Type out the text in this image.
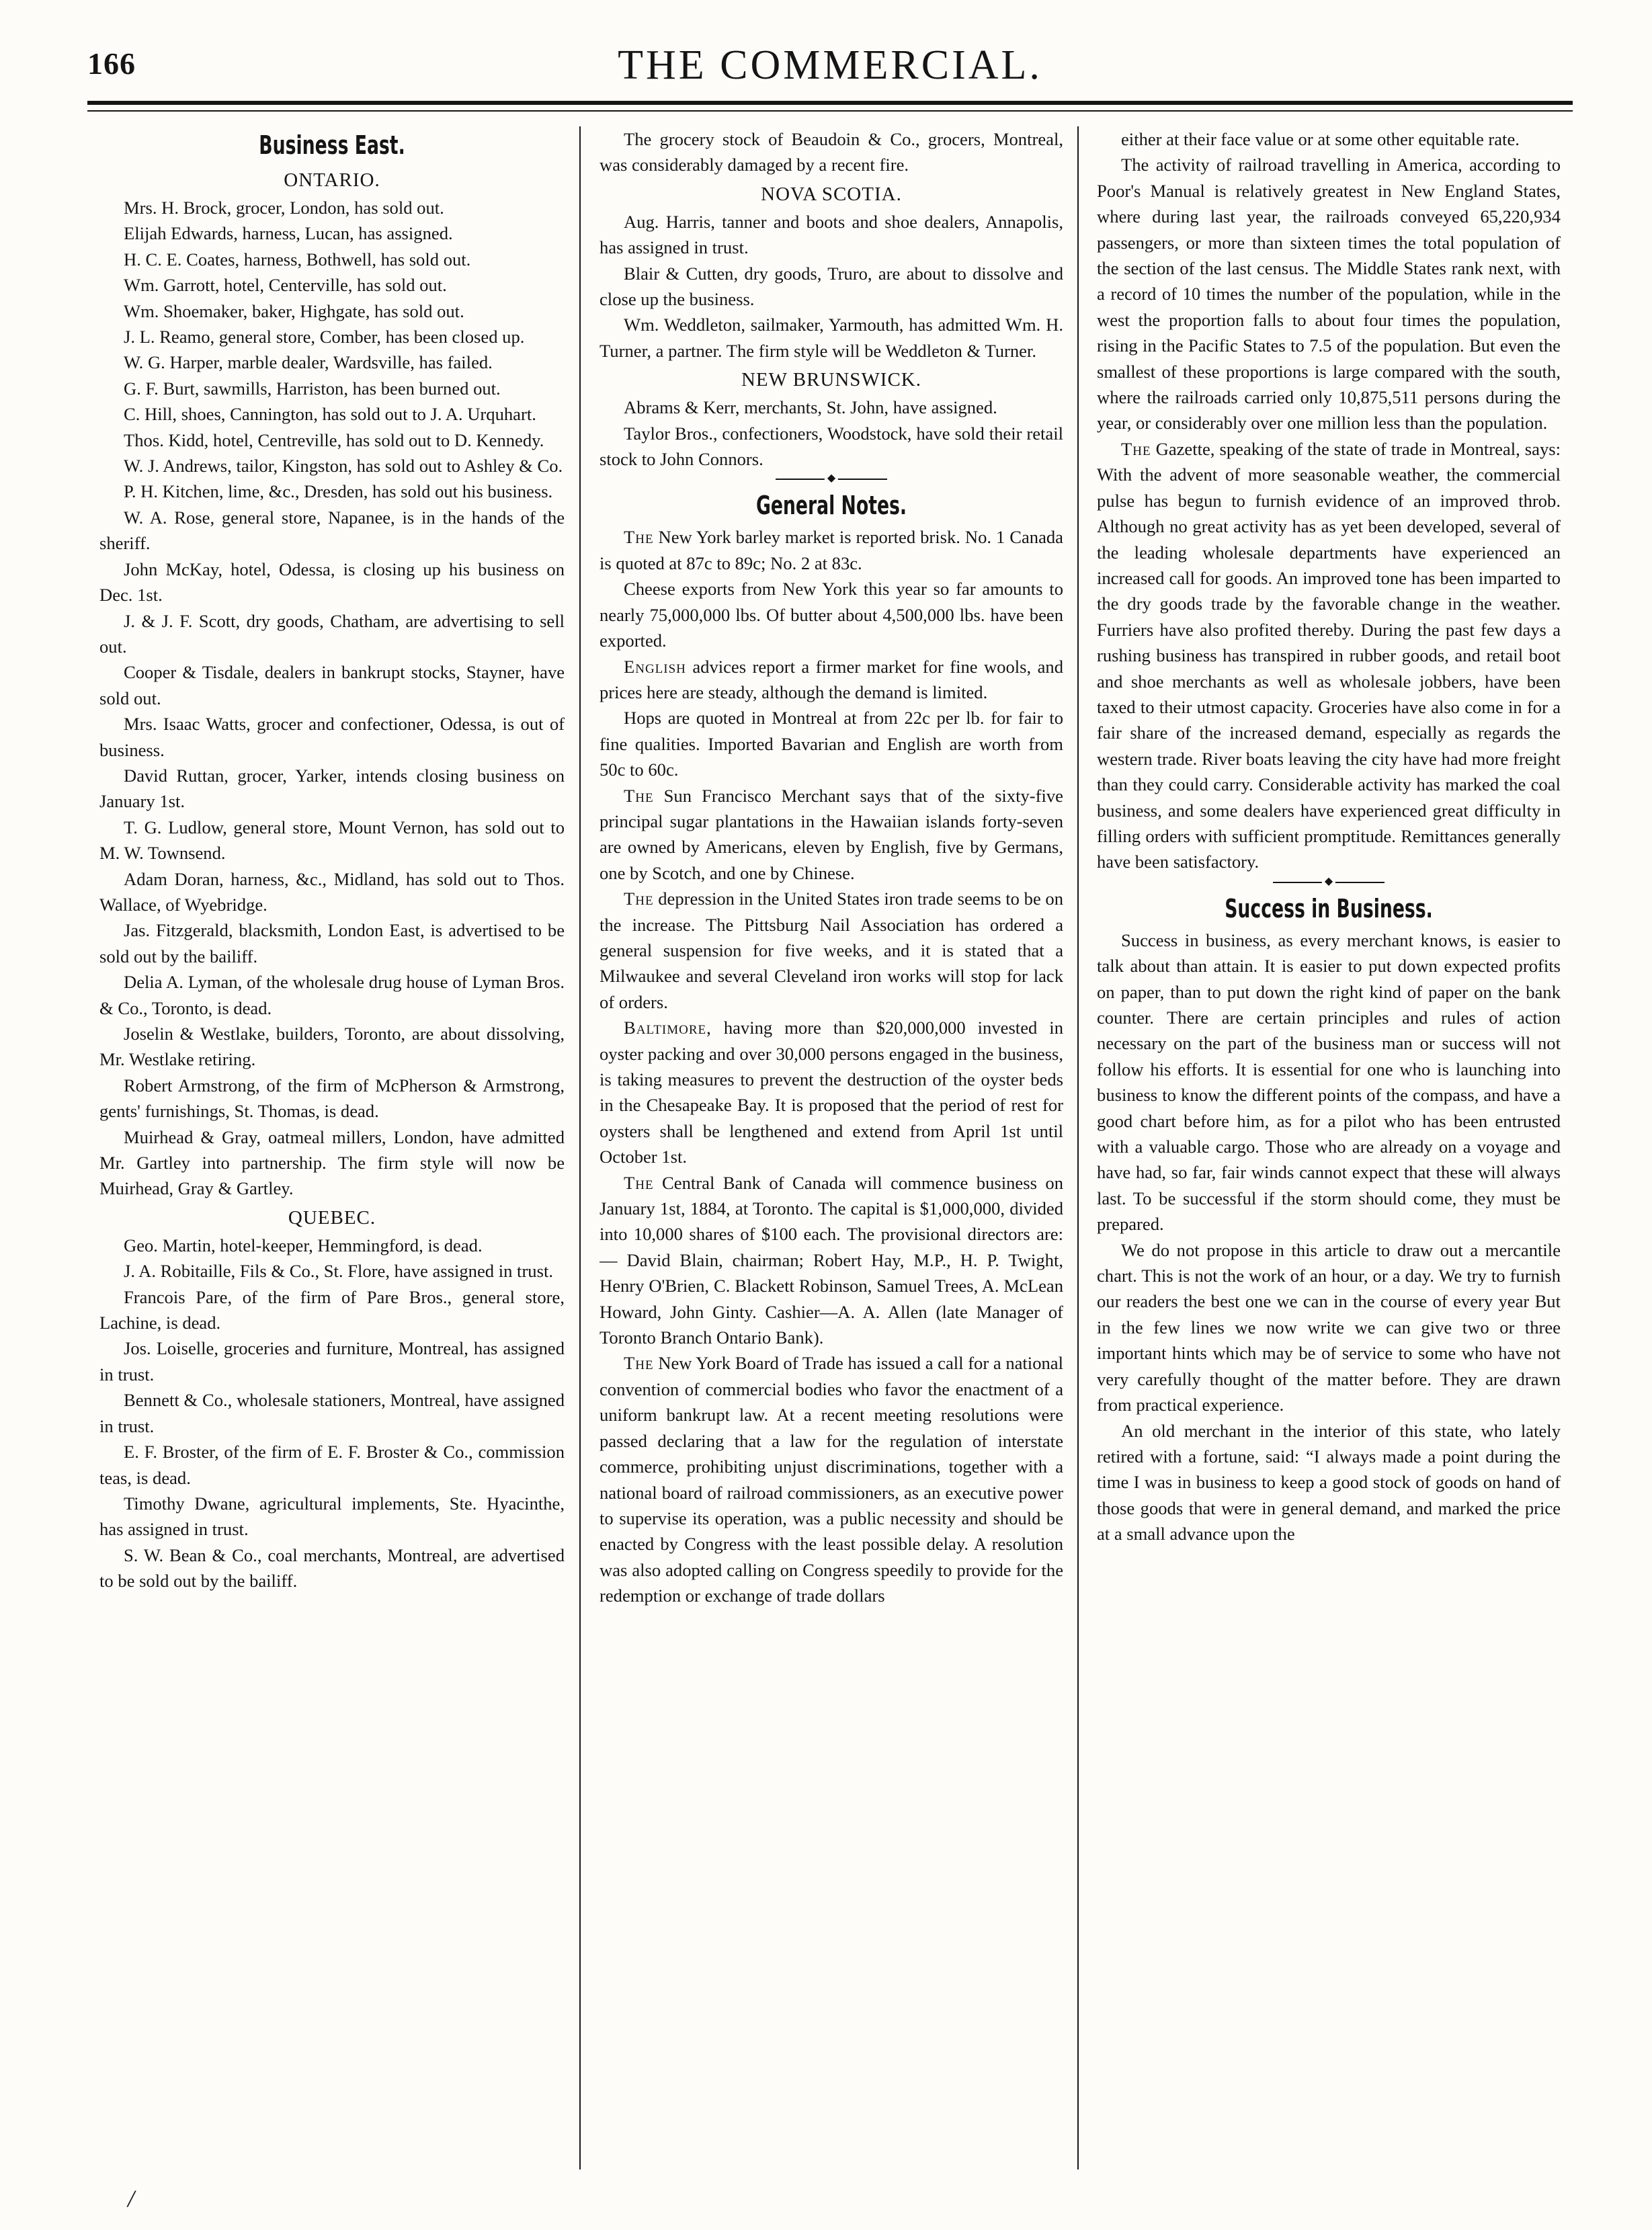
166	THE COMMERCIAL.
Business East.
ONTARIO.

Mrs. H. Brock, grocer, London, has sold out.

Elijah Edwards, harness, Lucan, has assigned.

H. C. E. Coates, harness, Bothwell, has sold out.

Wm. Garrott, hotel, Centerville, has sold out.

Wm. Shoemaker, baker, Highgate, has sold out.

J. L. Reamo, general store, Comber, has been closed up.

W. G. Harper, marble dealer, Wardsville, has failed.

G. F. Burt, sawmills, Harriston, has been burned out.

C. Hill, shoes, Cannington, has sold out to J. A. Urquhart.

Thos. Kidd, hotel, Centreville, has sold out to D. Kennedy.

W. J. Andrews, tailor, Kingston, has sold out to Ashley & Co.

P. H. Kitchen, lime, &c., Dresden, has sold out his business.

W. A. Rose, general store, Napanee, is in the hands of the sheriff.

John McKay, hotel, Odessa, is closing up his business on Dec. 1st.

J. & J. F. Scott, dry goods, Chatham, are advertising to sell out.

Cooper & Tisdale, dealers in bankrupt stocks, Stayner, have sold out.

Mrs. Isaac Watts, grocer and confectioner, Odessa, is out of business.

David Ruttan, grocer, Yarker, intends closing business on January 1st.

T. G. Ludlow, general store, Mount Vernon, has sold out to M. W. Townsend.

Adam Doran, harness, &c., Midland, has sold out to Thos. Wallace, of Wyebridge.

Jas. Fitzgerald, blacksmith, London East, is advertised to be sold out by the bailiff.

Delia A. Lyman, of the wholesale drug house of Lyman Bros. & Co., Toronto, is dead.

Joselin & Westlake, builders, Toronto, are about dissolving, Mr. Westlake retiring.

Robert Armstrong, of the firm of McPherson & Armstrong, gents' furnishings, St. Thomas, is dead.

Muirhead & Gray, oatmeal millers, London, have admitted Mr. Gartley into partnership. The firm style will now be Muirhead, Gray & Gartley.

QUEBEC.

Geo. Martin, hotel-keeper, Hemmingford, is dead.

J. A. Robitaille, Fils & Co., St. Flore, have assigned in trust.

Francois Pare, of the firm of Pare Bros., general store, Lachine, is dead.

Jos. Loiselle, groceries and furniture, Montreal, has assigned in trust.

Bennett & Co., wholesale stationers, Montreal, have assigned in trust.

E. F. Broster, of the firm of E. F. Broster & Co., commission teas, is dead.

Timothy Dwane, agricultural implements, Ste. Hyacinthe, has assigned in trust.

S. W. Bean & Co., coal merchants, Montreal, are advertised to be sold out by the bailiff.

The grocery stock of Beaudoin & Co., grocers, Montreal, was considerably damaged by a recent fire.

NOVA SCOTIA.

Aug. Harris, tanner and boots and shoe dealers, Annapolis, has assigned in trust.

Blair & Cutten, dry goods, Truro, are about to dissolve and close up the business.

Wm. Weddleton, sailmaker, Yarmouth, has admitted Wm. H. Turner, a partner. The firm style will be Weddleton & Turner.

NEW BRUNSWICK.

Abrams & Kerr, merchants, St. John, have assigned.

Taylor Bros., confectioners, Woodstock, have sold their retail stock to John Connors.

◆
General Notes.

The New York barley market is reported brisk. No. 1 Canada is quoted at 87c to 89c; No. 2 at 83c.

Cheese exports from New York this year so far amounts to nearly 75,000,000 lbs. Of butter about 4,500,000 lbs. have been exported.

English advices report a firmer market for fine wools, and prices here are steady, although the demand is limited.

Hops are quoted in Montreal at from 22c per lb. for fair to fine qualities. Imported Bavarian and English are worth from 50c to 60c.

The Sun Francisco Merchant says that of the sixty-five principal sugar plantations in the Hawaiian islands forty-seven are owned by Americans, eleven by English, five by Germans, one by Scotch, and one by Chinese.

The depression in the United States iron trade seems to be on the increase. The Pittsburg Nail Association has ordered a general suspension for five weeks, and it is stated that a Milwaukee and several Cleveland iron works will stop for lack of orders.

Baltimore, having more than $20,000,000 invested in oyster packing and over 30,000 persons engaged in the business, is taking measures to prevent the destruction of the oyster beds in the Chesapeake Bay. It is proposed that the period of rest for oysters shall be lengthened and extend from April 1st until October 1st.

The Central Bank of Canada will commence business on January 1st, 1884, at Toronto. The capital is $1,000,000, divided into 10,000 shares of $100 each. The provisional directors are:— David Blain, chairman; Robert Hay, M.P., H. P. Twight, Henry O'Brien, C. Blackett Robinson, Samuel Trees, A. McLean Howard, John Ginty. Cashier—A. A. Allen (late Manager of Toronto Branch Ontario Bank).

The New York Board of Trade has issued a call for a national convention of commercial bodies who favor the enactment of a uniform bankrupt law. At a recent meeting resolutions were passed declaring that a law for the regulation of interstate commerce, prohibiting unjust discriminations, together with a national board of railroad commissioners, as an executive power to supervise its operation, was a public necessity and should be enacted by Congress with the least possible delay. A resolution was also adopted calling on Congress speedily to provide for the redemption or exchange of trade dollars

either at their face value or at some other equitable rate.

The activity of railroad travelling in America, according to Poor's Manual is relatively greatest in New England States, where during last year, the railroads conveyed 65,220,934 passengers, or more than sixteen times the total population of the section of the last census. The Middle States rank next, with a record of 10 times the number of the population, while in the west the proportion falls to about four times the population, rising in the Pacific States to 7.5 of the population. But even the smallest of these proportions is large compared with the south, where the railroads carried only 10,875,511 persons during the year, or considerably over one million less than the population.

The Gazette, speaking of the state of trade in Montreal, says: With the advent of more seasonable weather, the commercial pulse has begun to furnish evidence of an improved throb. Although no great activity has as yet been developed, several of the leading wholesale departments have experienced an increased call for goods. An improved tone has been imparted to the dry goods trade by the favorable change in the weather. Furriers have also profited thereby. During the past few days a rushing business has transpired in rubber goods, and retail boot and shoe merchants as well as wholesale jobbers, have been taxed to their utmost capacity. Groceries have also come in for a fair share of the increased demand, especially as regards the western trade. River boats leaving the city have had more freight than they could carry. Considerable activity has marked the coal business, and some dealers have experienced great difficulty in filling orders with sufficient promptitude. Remittances generally have been satisfactory.

◆
Success in Business.

Success in business, as every merchant knows, is easier to talk about than attain. It is easier to put down expected profits on paper, than to put down the right kind of paper on the bank counter. There are certain principles and rules of action necessary on the part of the business man or success will not follow his efforts. It is essential for one who is launching into business to know the different points of the compass, and have a good chart before him, as for a pilot who has been entrusted with a valuable cargo. Those who are already on a voyage and have had, so far, fair winds cannot expect that these will always last. To be successful if the storm should come, they must be prepared.

We do not propose in this article to draw out a mercantile chart. This is not the work of an hour, or a day. We try to furnish our readers the best one we can in the course of every year But in the few lines we now write we can give two or three important hints which may be of service to some who have not very carefully thought of the matter before. They are drawn from practical experience.

An old merchant in the interior of this state, who lately retired with a fortune, said: “I always made a point during the time I was in business to keep a good stock of goods on hand of those goods that were in general demand, and marked the price at a small advance upon the

/
